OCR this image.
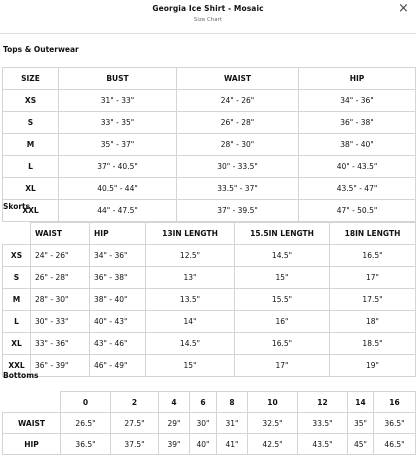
Georgia Ice Shirt - Mosaic
Size Chart
×
Tops & Outerwear
SIZE	BUST	WAIST	HIP
XS	31" - 33"	24" - 26"	34" - 36"
S	33" - 35"	26" - 28"	36" - 38"
M	35" - 37"	28" - 30"	38" - 40"
L	37" - 40.5"	30" - 33.5"	40" - 43.5"
XL	40.5" - 44"	33.5" - 37"	43.5" - 47"
XXL	44" - 47.5"	37" - 39.5"	47" - 50.5"
Skorts
	WAIST	HIP	13IN LENGTH	15.5IN LENGTH	18IN LENGTH
XS	24" - 26"	34" - 36"	12.5"	14.5"	16.5"
S	26" - 28"	36" - 38"	13"	15"	17"
M	28" - 30"	38" - 40"	13.5"	15.5"	17.5"
L	30" - 33"	40" - 43"	14"	16"	18"
XL	33" - 36"	43" - 46"	14.5"	16.5"	18.5"
XXL	36" - 39"	46" - 49"	15"	17"	19"
Bottoms
	0	2	4	6	8	10	12	14	16
WAIST	26.5"	27.5"	29"	30"	31"	32.5"	33.5"	35"	36.5"
HIP	36.5"	37.5"	39"	40"	41"	42.5"	43.5"	45"	46.5"
